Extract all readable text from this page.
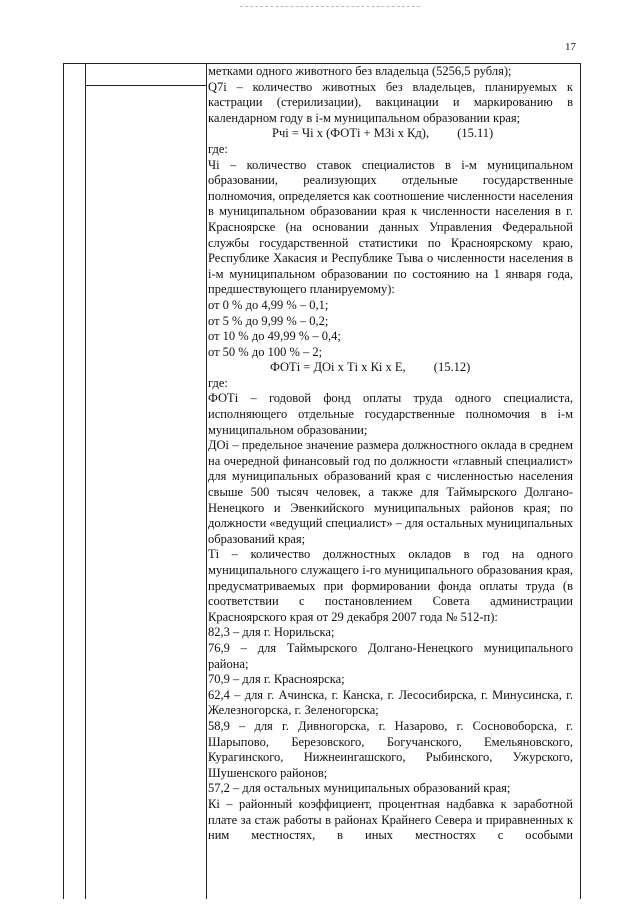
17

метками одного животного без владельца (5256,5 рубля);

Q7i – количество животных без владельцев, планируемых к кастрации (стерилизации), вакцинации и маркированию в календарном году в i-м муниципальном образовании края;

Рчi = Чi x (ФОТi + МЗi x Кд),         (15.11)

где:

Чi – количество ставок специалистов в i-м муниципальном образовании, реализующих отдельные государственные полномочия, определяется как соотношение численности населения в муниципальном образовании края к численности населения в г. Красноярске (на основании данных Управления Федеральной службы государственной статистики по Красноярскому краю, Республике Хакасия и Республике Тыва о численности населения в i-м муниципальном образовании по состоянию на 1 января года, предшествующего планируемому):

от 0 % до 4,99 % – 0,1;

от 5 % до 9,99 % – 0,2;

от 10 % до 49,99 % – 0,4;

от 50 % до 100 % – 2;

ФОТi = ДОi x Тi x Кi x Е,         (15.12)

где:

ФОТi – годовой фонд оплаты труда одного специалиста, исполняющего отдельные государственные полномочия в i-м муниципальном образовании;

ДОi – предельное значение размера должностного оклада в среднем на очередной финансовый год по должности «главный специалист» для муниципальных образований края с численностью населения свыше 500 тысяч человек, а также для Таймырского Долгано-Ненецкого и Эвенкийского муниципальных районов края; по должности «ведущий специалист» – для остальных муниципальных образований края;

Тi – количество должностных окладов в год на одного муниципального служащего i-го муниципального образования края, предусматриваемых при формировании фонда оплаты труда (в соответствии с постановлением Совета администрации Красноярского края от 29 декабря 2007 года № 512-п):

82,3 – для г. Норильска;

76,9 – для Таймырского Долгано-Ненецкого муниципального района;

70,9 – для г. Красноярска;

62,4 – для г. Ачинска, г. Канска, г. Лесосибирска, г. Минусинска, г. Железногорска, г. Зеленогорска;

58,9 – для г. Дивногорска, г. Назарово, г. Сосновоборска, г. Шарыпово, Березовского, Богучанского, Емельяновского, Курагинского, Нижнеингашского, Рыбинского, Ужурского, Шушенского районов;

57,2 – для остальных муниципальных образований края;

Кi – районный коэффициент, процентная надбавка к заработной плате за стаж работы в районах Крайнего Севера и приравненных к ним местностях, в иных местностях с особыми
